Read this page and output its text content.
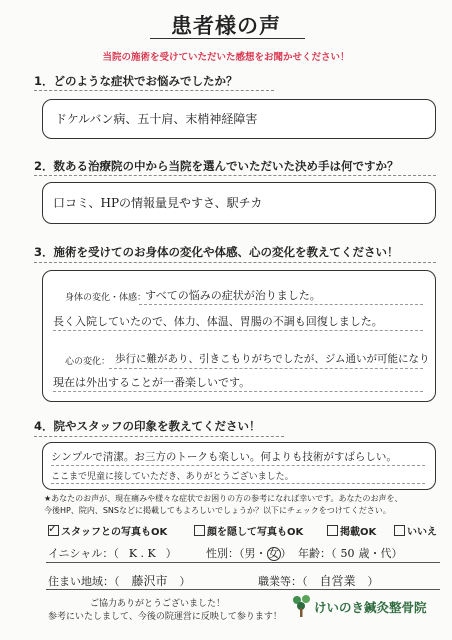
患者様の声
当院の施術を受けていただいた感想をお聞かせください！
1．どのような症状でお悩みでしたか？
ドケルバン病、五十肩、末梢神経障害
2．数ある治療院の中から当院を選んでいただいた決め手は何ですか？
口コミ、HPの情報量見やすさ、駅チカ
3．施術を受けてのお身体の変化や体感、心の変化を教えてください！
身体の変化・体感：
すべての悩みの症状が治りました。
長く入院していたので、体力、体温、胃腸の不調も回復しました。
心の変化： 歩行に難があり、引きこもりがちでしたが、ジム通いが可能になり
現在は外出することが一番楽しいです。
4．院やスタッフの印象を教えてください！
シンプルで清潔。お三方のトークも楽しい。何よりも技術がすばらしい。
ここまで児童に接していただき、ありがとうございました。
★あなたのお声が、現在痛みや様々な症状でお困りの方の参考になれば幸いです。あなたのお声を、
今後HP、院内、SNSなどに掲載してもよろしいでしょうか？以下にチェックをつけてください。
✓スタッフとの写真もOK	顔を隠して写真もOK	掲載OK	いいえ
イニシャル：（ K . K ）	性別：（男・ 女 ） 年齢：（ 50 歳・代）
住まい地域：（ 藤沢市 ）	職業等：（ 自営業 ）
ご協力ありがとうございました！
参考にいたしまして、今後の院運営に反映して参ります！
けいのき鍼灸整骨院
